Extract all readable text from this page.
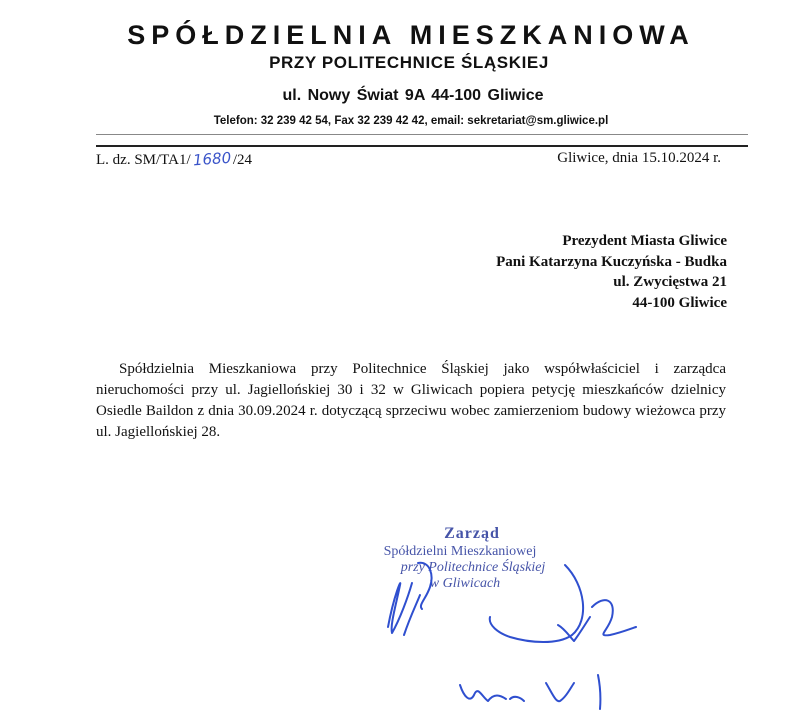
SPÓŁDZIELNIA MIESZKANIOWA
PRZY POLITECHNICE ŚLĄSKIEJ
ul. Nowy Świat 9A 44-100 Gliwice
Telefon: 32 239 42 54, Fax 32 239 42 42, email: sekretariat@sm.gliwice.pl
L. dz. SM/TA1/1680/24	Gliwice, dnia 15.10.2024 r.
Prezydent Miasta Gliwice
Pani Katarzyna Kuczyńska - Budka
ul. Zwycięstwa 21
44-100 Gliwice
Spółdzielnia Mieszkaniowa przy Politechnice Śląskiej jako współwłaściciel i zarządca nieruchomości przy ul. Jagiellońskiej 30 i 32 w Gliwicach popiera petycję mieszkańców dzielnicy Osiedle Baildon z dnia 30.09.2024 r. dotyczącą sprzeciwu wobec zamierzeniom budowy wieżowca przy ul. Jagiellońskiej 28.
Zarząd
Spółdzielni Mieszkaniowej
przy Politechnice Śląskiej
w Gliwicach
